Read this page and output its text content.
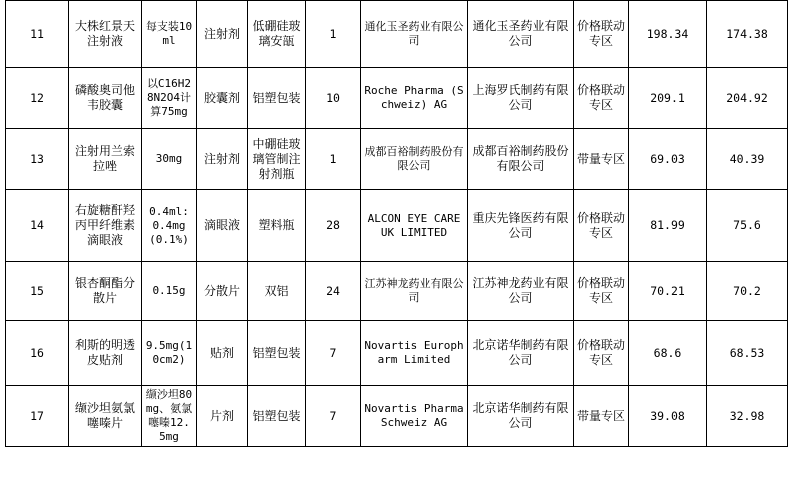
11	大株红景天注射液	每支装10ml	注射剂	低硼硅玻璃安瓿	1	通化玉圣药业有限公司	通化玉圣药业有限公司	价格联动专区	198.34	174.38

12	磷酸奥司他韦胶囊	以C16H28N2O4计算75mg	胶囊剂	铝塑包装	10	Roche Pharma (Schweiz) AG	上海罗氏制药有限公司	价格联动专区	209.1	204.92

13	注射用兰索拉唑	30mg	注射剂	中硼硅玻璃管制注射剂瓶	1	成都百裕制药股份有限公司	成都百裕制药股份有限公司	带量专区	69.03	40.39

14	右旋糖酐羟丙甲纤维素滴眼液	0.4ml:0.4mg(0.1%)	滴眼液	塑料瓶	28	ALCON EYE CARE UK LIMITED	重庆先锋医药有限公司	价格联动专区	81.99	75.6

15	银杏酮酯分散片	0.15g	分散片	双铝	24	江苏神龙药业有限公司	江苏神龙药业有限公司	价格联动专区	70.21	70.2

16	利斯的明透皮贴剂	9.5mg(10cm2)	贴剂	铝塑包装	7	Novartis Europharm Limited	北京诺华制药有限公司	价格联动专区	68.6	68.53

17	缬沙坦氨氯噻嗪片	缬沙坦80mg、氨氯噻嗪12.5mg	片剂	铝塑包装	7	Novartis Pharma Schweiz AG	北京诺华制药有限公司	带量专区	39.08	32.98
